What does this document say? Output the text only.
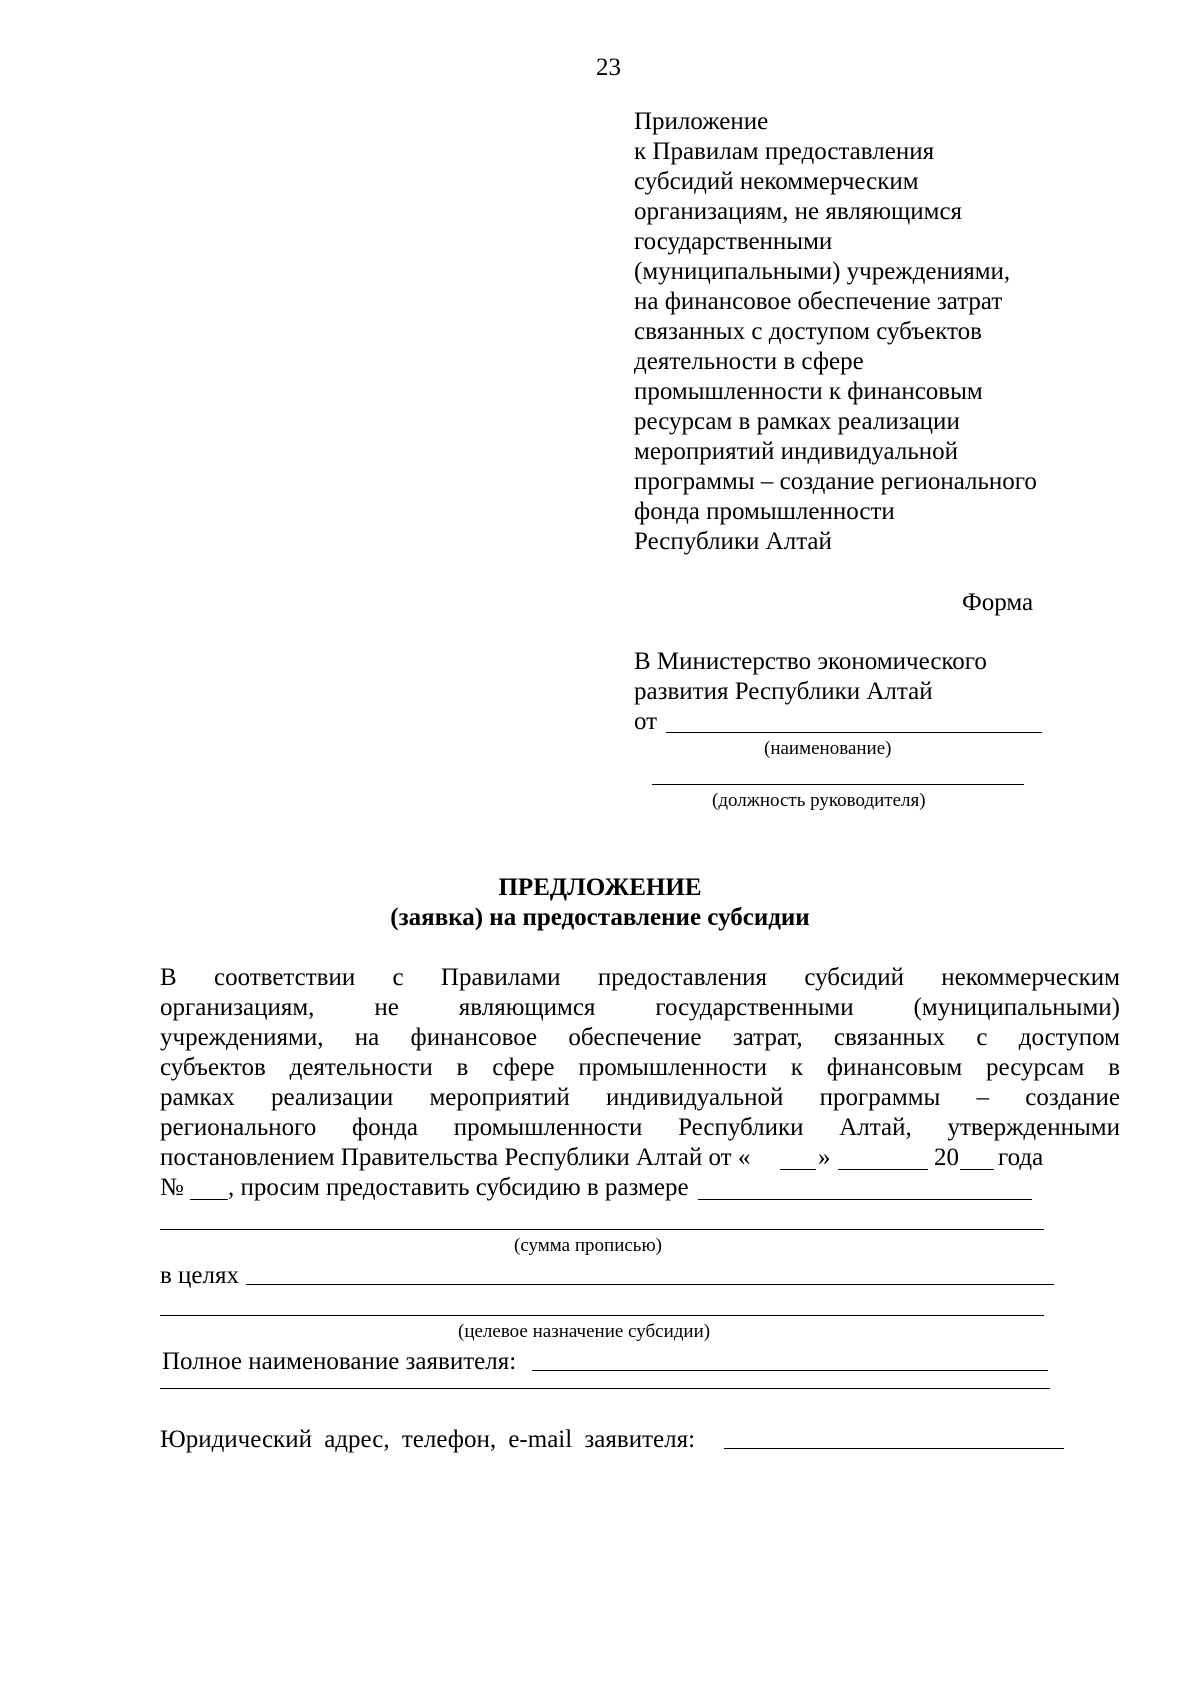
23
Приложение
к Правилам предоставления
субсидий некоммерческим
организациям, не являющимся
государственными
(муниципальными) учреждениями,
на финансовое обеспечение затрат
связанных с доступом субъектов
деятельности в сфере
промышленности к финансовым
ресурсам в рамках реализации
мероприятий индивидуальной
программы – создание регионального
фонда промышленности
Республики Алтай
Форма
В Министерство экономического
развития Республики Алтай
от
(наименование)
(должность руководителя)
ПРЕДЛОЖЕНИЕ
(заявка) на предоставление субсидии
В соответствии с Правилами предоставления субсидий некоммерческим
организациям, не являющимся государственными (муниципальными)
учреждениями, на финансовое обеспечение затрат, связанных с доступом
субъектов деятельности в сфере промышленности к финансовым ресурсам в
рамках реализации мероприятий индивидуальной программы – создание
регионального фонда промышленности Республики Алтай, утвержденными
постановлением Правительства Республики Алтай от «	»	20 года
№ , просим предоставить субсидию в размере
(сумма прописью)
в целях
(целевое назначение субсидии)
Полное наименование заявителя:
Юридический адрес, телефон, e-mail заявителя:
